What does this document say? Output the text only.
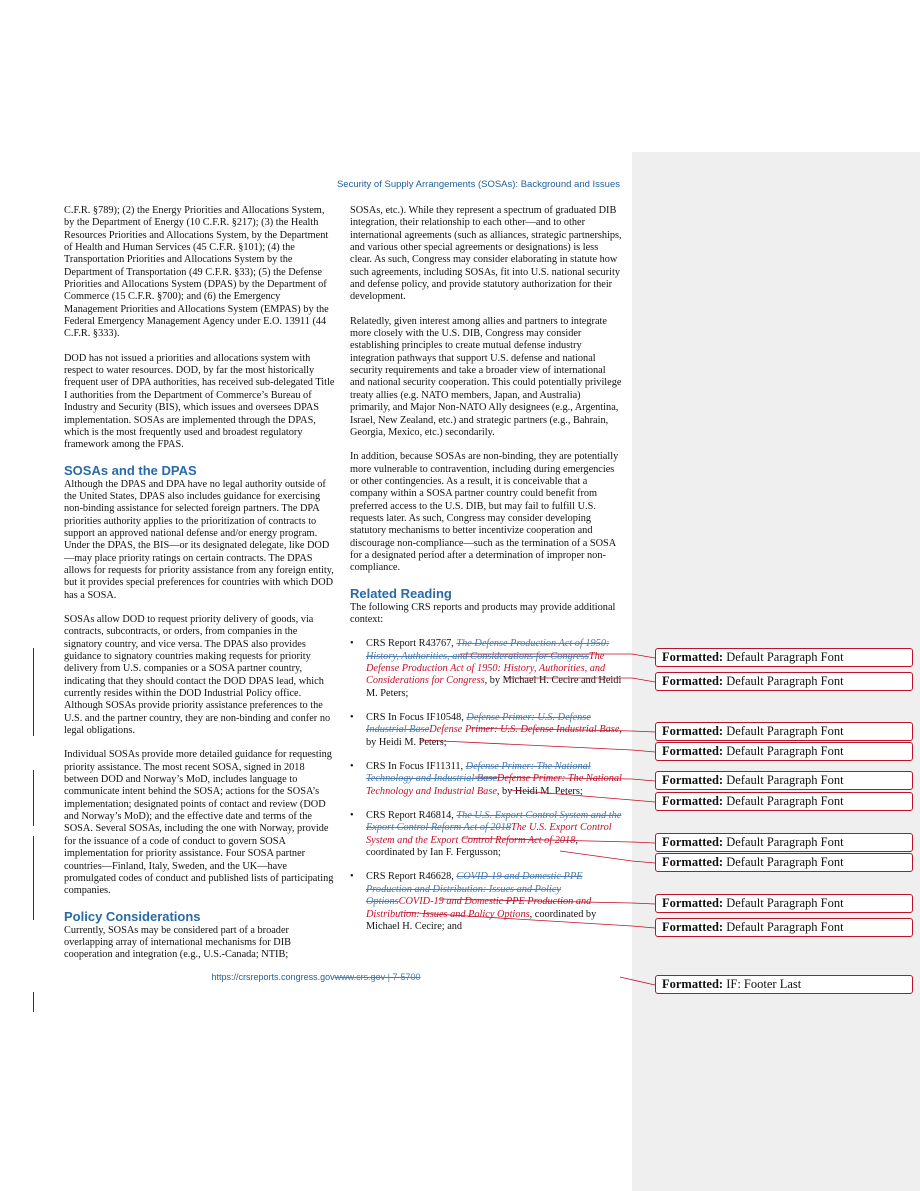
Security of Supply Arrangements (SOSAs): Background and Issues

C.F.R. §789); (2) the Energy Priorities and Allocations System, by the Department of Energy (10 C.F.R. §217); (3) the Health Resources Priorities and Allocations System, by the Department of Health and Human Services (45 C.F.R. §101); (4) the Transportation Priorities and Allocations System by the Department of Transportation (49 C.F.R. §33); (5) the Defense Priorities and Allocations System (DPAS) by the Department of Commerce (15 C.F.R. §700); and (6) the Emergency Management Priorities and Allocations System (EMPAS) by the Federal Emergency Management Agency under E.O. 13911 (44 C.F.R. §333).

DOD has not issued a priorities and allocations system with respect to water resources. DOD, by far the most historically frequent user of DPA authorities, has received sub-delegated Title I authorities from the Department of Commerce’s Bureau of Industry and Security (BIS), which issues and oversees DPAS implementation. SOSAs are implemented through the DPAS, which is the most frequently used and broadest regulatory framework among the FPAS.

SOSAs and the DPAS

Although the DPAS and DPA have no legal authority outside of the United States, DPAS also includes guidance for exercising non-binding assistance for selected foreign partners. The DPA priorities authority applies to the prioritization of contracts to support an approved national defense and/or energy program. Under the DPAS, the BIS—or its designated delegate, like DOD—may place priority ratings on certain contracts. The DPAS allows for requests for priority assistance from any foreign entity, but it provides special preferences for countries with which DOD has a SOSA.

SOSAs allow DOD to request priority delivery of goods, via contracts, subcontracts, or orders, from companies in the signatory country, and vice versa. The DPAS also provides guidance to signatory countries making requests for priority delivery from U.S. companies or a SOSA partner country, indicating that they should contact the DOD DPAS lead, which currently resides within the DOD Industrial Policy office. Although SOSAs provide priority assistance preferences to the U.S. and the partner country, they are non-binding and confer no legal obligations.

Individual SOSAs provide more detailed guidance for requesting priority assistance. The most recent SOSA, signed in 2018 between DOD and Norway’s MoD, includes language to communicate intent behind the SOSA; actions for the SOSA’s implementation; designated points of contact and review (DOD and Norway’s MoD); and the effective date and terms of the SOSA. Several SOSAs, including the one with Norway, provide for the issuance of a code of conduct to govern SOSA implementation for priority assistance. Four SOSA partner countries—Finland, Italy, Sweden, and the UK—have promulgated codes of conduct and published lists of participating companies.

Policy Considerations

Currently, SOSAs may be considered part of a broader overlapping array of international mechanisms for DIB cooperation and integration (e.g., U.S.-Canada; NTIB;

SOSAs, etc.). While they represent a spectrum of graduated DIB integration, their relationship to each other—and to other international agreements (such as alliances, strategic partnerships, and various other special agreements or designations) is less clear. As such, Congress may consider elaborating in statute how such agreements, including SOSAs, fit into U.S. national security and defense policy, and provide statutory authorization for their development.

Relatedly, given interest among allies and partners to integrate more closely with the U.S. DIB, Congress may consider establishing principles to create mutual defense industry integration pathways that support U.S. defense and national security requirements and take a broader view of international and national security cooperation. This could potentially privilege treaty allies (e.g. NATO members, Japan, and Australia) primarily, and Major Non-NATO Ally designees (e.g., Argentina, Israel, New Zealand, etc.) and strategic partners (e.g., Bahrain, Georgia, Mexico, etc.) secondarily.

In addition, because SOSAs are non-binding, they are potentially more vulnerable to contravention, including during emergencies or other contingencies. As a result, it is conceivable that a company within a SOSA partner country could benefit from preferred access to the U.S. DIB, but may fail to fulfill U.S. requests later. As such, Congress may consider developing statutory mechanisms to better incentivize cooperation and discourage non-compliance—such as the termination of a SOSA for a designated period after a determination of improper non-compliance.

Related Reading

The following CRS reports and products may provide additional context:

• CRS Report R43767, The Defense Production Act of 1950: History, Authorities, and Considerations for CongressThe Defense Production Act of 1950: History, Authorities, and Considerations for Congress, by Michael H. Cecire and Heidi M. Peters;
• CRS In Focus IF10548, Defense Primer: U.S. Defense Industrial BaseDefense Primer: U.S. Defense Industrial Base, by Heidi M. Peters;
• CRS In Focus IF11311, Defense Primer: The National Technology and Industrial BaseDefense Primer: The National Technology and Industrial Base, by Heidi M. Peters;
• CRS Report R46814, The U.S. Export Control System and the Export Control Reform Act of 2018The U.S. Export Control System and the Export Control Reform Act of 2018, coordinated by Ian F. Fergusson;
• CRS Report R46628, COVID-19 and Domestic PPE Production and Distribution: Issues and Policy OptionsCOVID-19 and Domestic PPE Production and Distribution: Issues and Policy Options, coordinated by Michael H. Cecire; and
https://crsreports.congress.govwww.crs.gov | 7-5700
Formatted: Default Paragraph Font
Formatted: Default Paragraph Font
Formatted: Default Paragraph Font
Formatted: Default Paragraph Font
Formatted: Default Paragraph Font
Formatted: Default Paragraph Font
Formatted: Default Paragraph Font
Formatted: Default Paragraph Font
Formatted: Default Paragraph Font
Formatted: Default Paragraph Font
Formatted: IF: Footer Last
